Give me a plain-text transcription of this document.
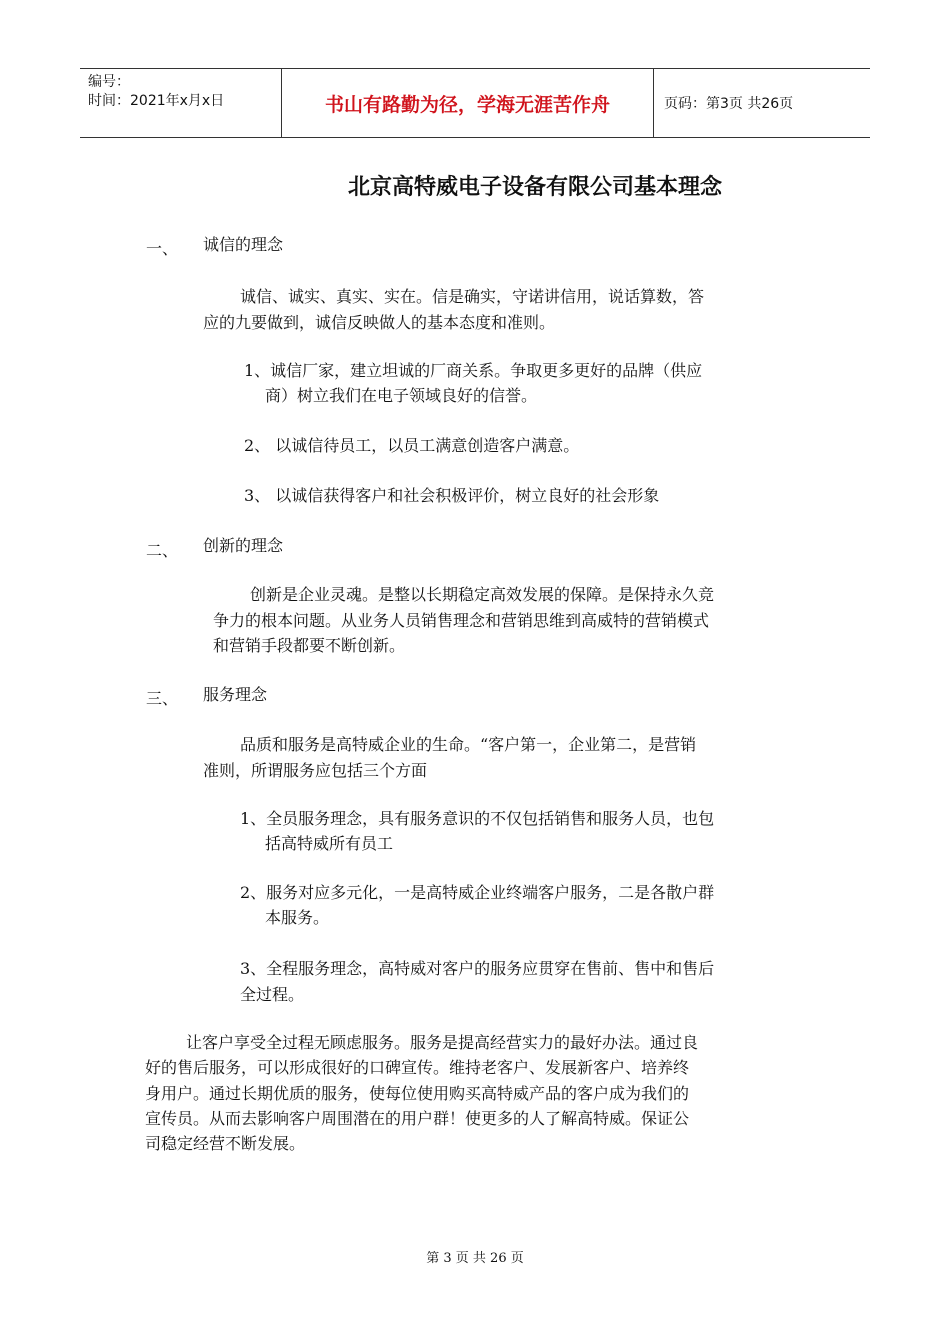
编号：
时间：2021年x月x日	书山有路勤为径，学海无涯苦作舟	页码：第3页 共26页
北京高特威电子设备有限公司基本理念
一、 诚信的理念
诚信、诚实、真实、实在。信是确实，守诺讲信用，说话算数，答
应的九要做到，诚信反映做人的基本态度和准则。
1、诚信厂家，建立坦诚的厂商关系。争取更多更好的品牌（供应
商）树立我们在电子领域良好的信誉。
2、 以诚信待员工，以员工满意创造客户满意。
3、 以诚信获得客户和社会积极评价，树立良好的社会形象
二、 创新的理念
创新是企业灵魂。是整以长期稳定高效发展的保障。是保持永久竞
争力的根本问题。从业务人员销售理念和营销思维到高威特的营销模式
和营销手段都要不断创新。
三、 服务理念
品质和服务是高特威企业的生命。“客户第一，企业第二，是营销
准则，所谓服务应包括三个方面
1、全员服务理念，具有服务意识的不仅包括销售和服务人员，也包
括高特威所有员工
2、服务对应多元化，一是高特威企业终端客户服务，二是各散户群
本服务。
3、全程服务理念，高特威对客户的服务应贯穿在售前、售中和售后
全过程。
让客户享受全过程无顾虑服务。服务是提高经营实力的最好办法。通过良
好的售后服务，可以形成很好的口碑宣传。维持老客户、发展新客户、培养终
身用户。通过长期优质的服务，使每位使用购买高特威产品的客户成为我们的
宣传员。从而去影响客户周围潜在的用户群！使更多的人了解高特威。保证公
司稳定经营不断发展。
第 3 页 共 26 页
